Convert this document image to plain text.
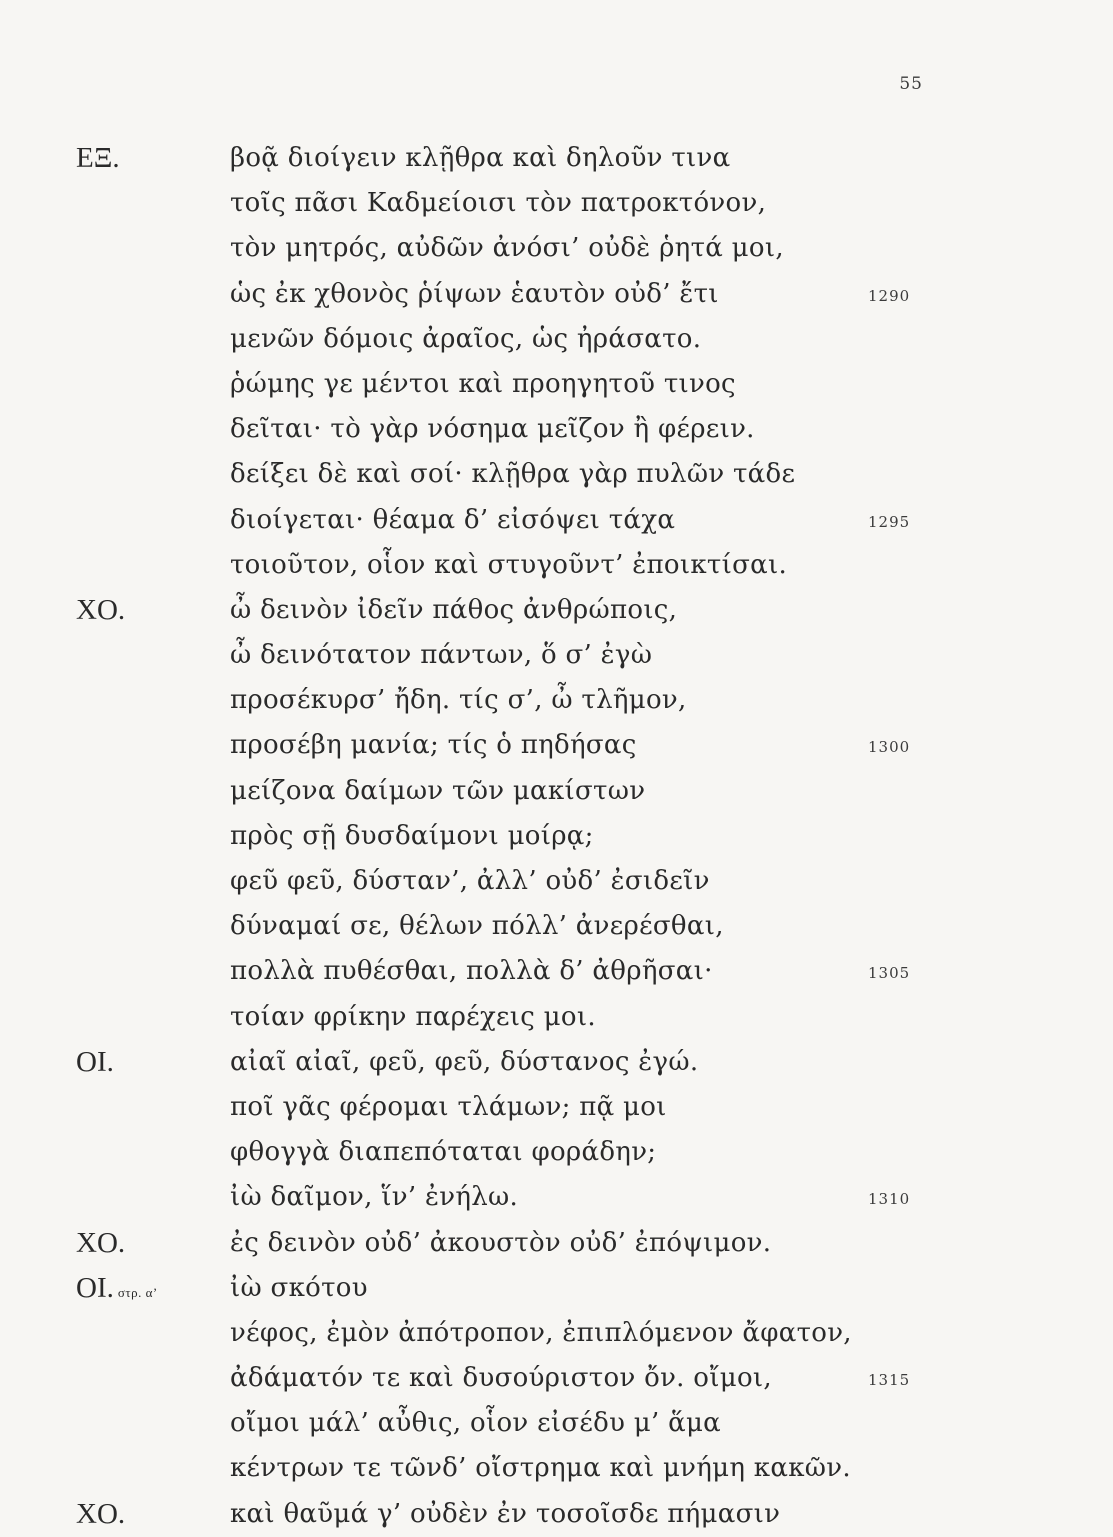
55
ΕΞ.	βοᾷ διοίγειν κλῇθρα καὶ δηλοῦν τινα
τοῖς πᾶσι Καδμείοισι τὸν πατροκτόνον,
τὸν μητρός, αὐδῶν ἀνόσι’ οὐδὲ ῥητά μοι,
ὡς ἐκ χθονὸς ῥίψων ἑαυτὸν οὐδ’ ἔτι	1290
μενῶν δόμοις ἀραῖος, ὡς ἠράσατο.
ῥώμης γε μέντοι καὶ προηγητοῦ τινος
δεῖται· τὸ γὰρ νόσημα μεῖζον ἢ φέρειν.
δείξει δὲ καὶ σοί· κλῇθρα γὰρ πυλῶν τάδε
διοίγεται· θέαμα δ’ εἰσόψει τάχα	1295
τοιοῦτον, οἷον καὶ στυγοῦντ’ ἐποικτίσαι.
ΧΟ.	ὦ δεινὸν ἰδεῖν πάθος ἀνθρώποις,
ὦ δεινότατον πάντων, ὅ σ’ ἐγὼ
προσέκυρσ’ ἤδη. τίς σ’, ὦ τλῆμον,
προσέβη μανία; τίς ὁ πηδήσας	1300
μείζονα δαίμων τῶν μακίστων
πρὸς σῇ δυσδαίμονι μοίρᾳ;
φεῦ φεῦ, δύσταν’, ἀλλ’ οὐδ’ ἐσιδεῖν
δύναμαί σε, θέλων πόλλ’ ἀνερέσθαι,
πολλὰ πυθέσθαι, πολλὰ δ’ ἀθρῆσαι·	1305
τοίαν φρίκην παρέχεις μοι.
ΟΙ.	αἰαῖ αἰαῖ, φεῦ, φεῦ, δύστανος ἐγώ.
ποῖ γᾶς φέρομαι τλάμων; πᾷ μοι
φθογγὰ διαπεπόταται φοράδην;
ἰὼ δαῖμον, ἵν’ ἐνήλω.	1310
ΧΟ.	ἐς δεινὸν οὐδ’ ἀκουστὸν οὐδ’ ἐπόψιμον.
ΟΙ. στρ. α’	ἰὼ σκότου
νέφος, ἐμὸν ἀπότροπον, ἐπιπλόμενον ἄφατον,
ἀδάματόν τε καὶ δυσούριστον ὄν. οἴμοι,	1315
οἴμοι μάλ’ αὖθις, οἷον εἰσέδυ μ’ ἅμα
κέντρων τε τῶνδ’ οἴστρημα καὶ μνήμη κακῶν.
ΧΟ.	καὶ θαῦμά γ’ οὐδὲν ἐν τοσοῖσδε πήμασιν
